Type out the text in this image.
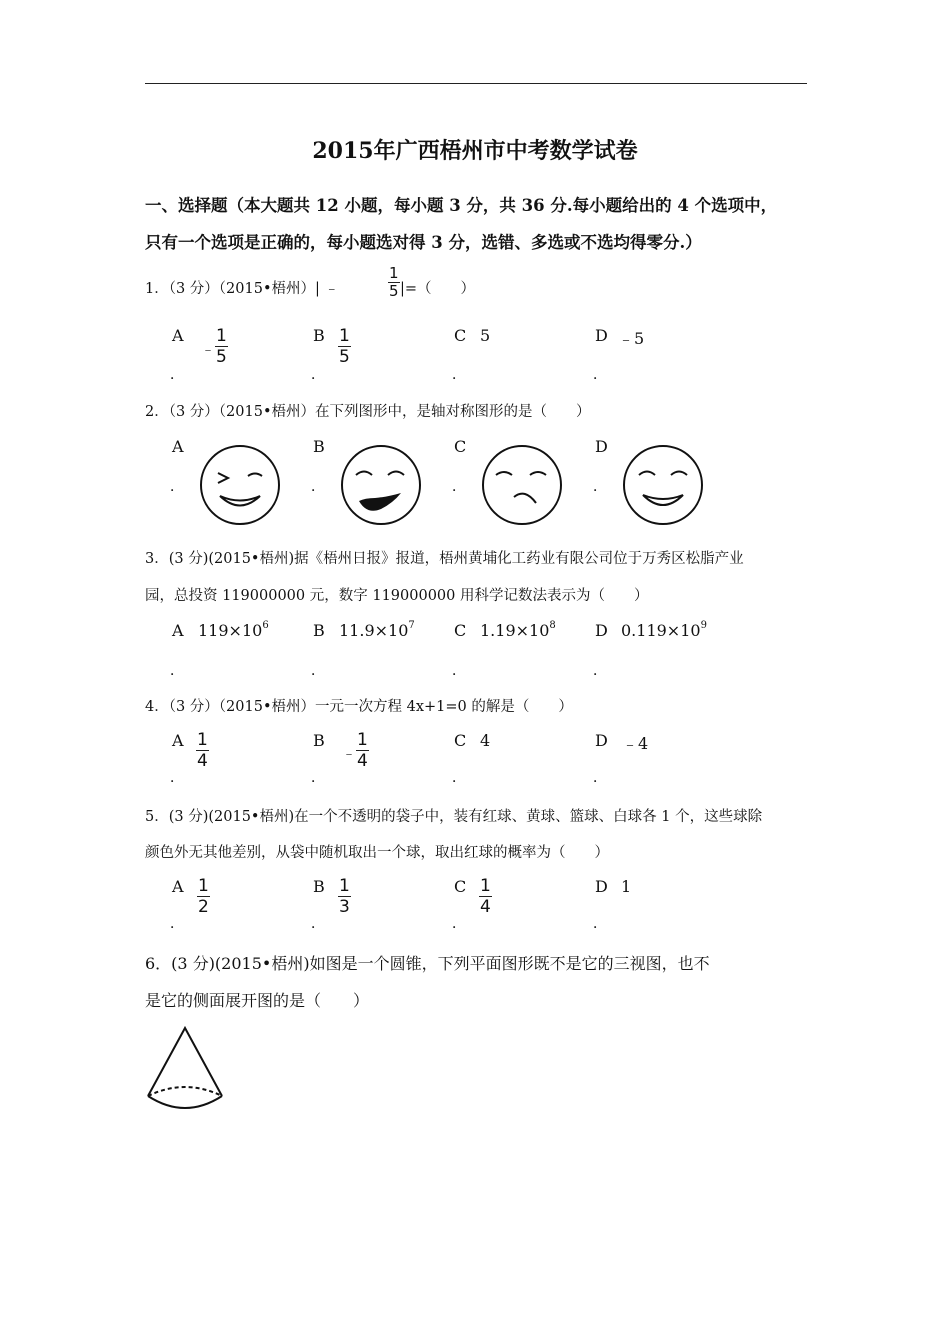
2015年广西梧州市中考数学试卷
一、选择题（本大题共 12 小题，每小题 3 分，共 36 分.每小题给出的 4 个选项中，
只有一个选项是正确的，每小题选对得 3 分，选错、多选或不选均得零分.）
1．（3 分）（2015•梧州）| ﹣
1
5 |=（　　）
A
﹣
1
5
B 1
5
C 5	D ﹣5
．	．	．	．
2．（3 分）（2015•梧州）在下列图形中，是轴对称图形的是（　　）
A	B	C	D
．	．	．	．
3．(3 分)(2015•梧州)据《梧州日报》报道，梧州黄埔化工药业有限公司位于万秀区松脂产业
园，总投资 119000000 元，数字 119000000 用科学记数法表示为（　　）
A $119\times 10^6$	B $11.9\times 10^7$ C $1.19\times 10^8$ D $0.119\times 10^9$
．	．	．	．
4．（3 分）（2015•梧州）一元一次方程 4x+1=0 的解是（　　）
A 1
4
B
﹣
1
4
C 4	D ﹣4
．	．	．	．
5．(3 分)(2015•梧州)在一个不透明的袋子中，装有红球、黄球、篮球、白球各 1 个，这些球除
颜色外无其他差别，从袋中随机取出一个球，取出红球的概率为（　　）
A 1
2
B 1
3
C 1
4
D 1
．	．	．	．
6．(3 分)(2015•梧州)如图是一个圆锥，下列平面图形既不是它的三视图，也不
是它的侧面展开图的是（　　）
